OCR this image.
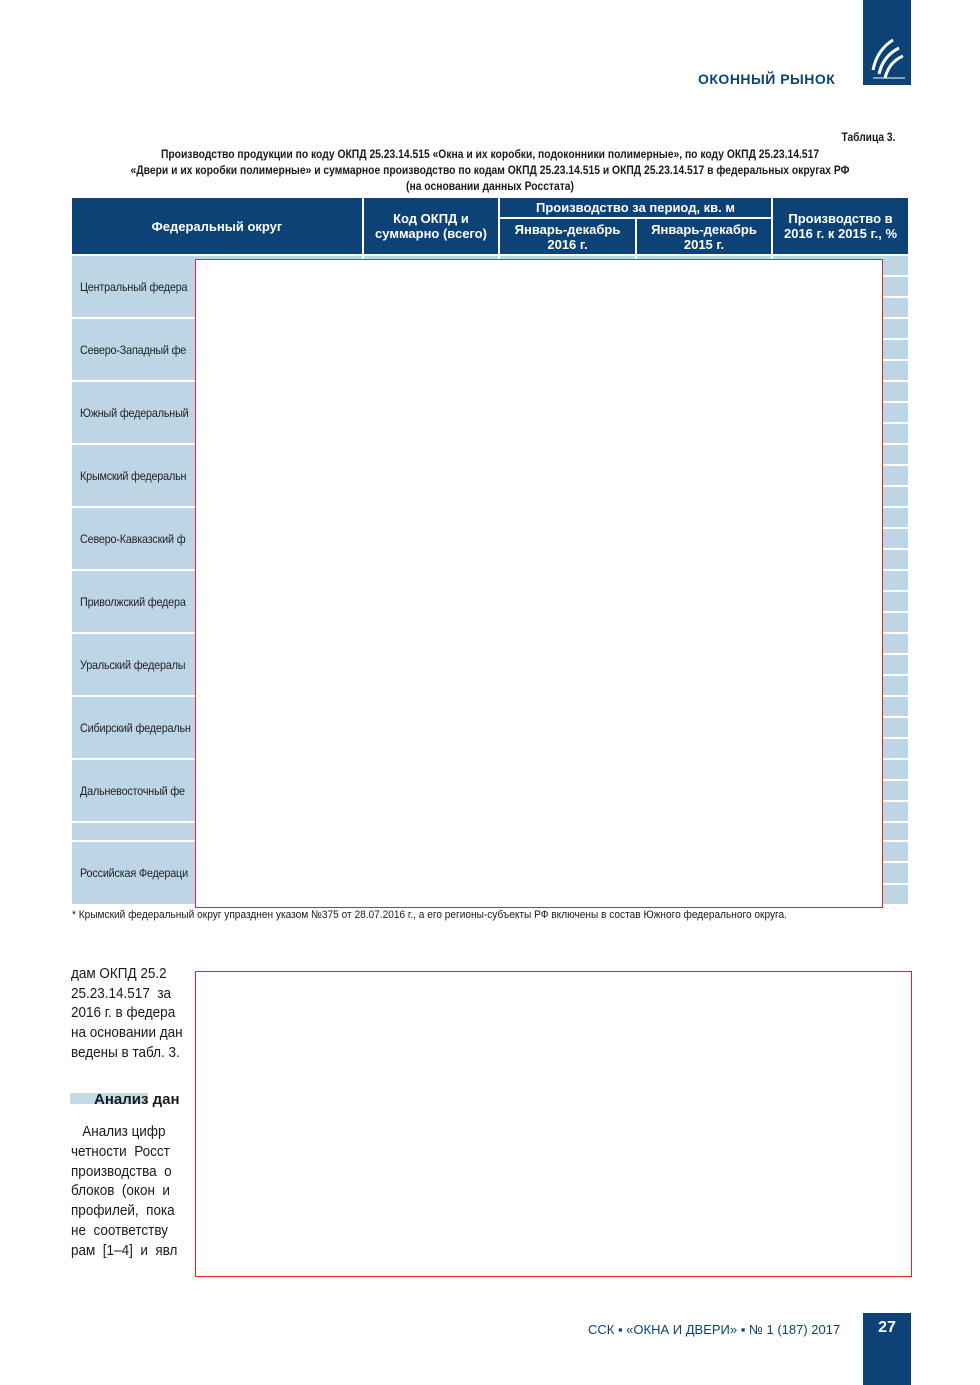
ОКОННЫЙ РЫНОК
Таблица 3.
Производство продукции по коду ОКПД 25.23.14.515 «Окна и их коробки, подоконники полимерные», по коду ОКПД 25.23.14.517
«Двери и их коробки полимерные» и суммарное производство по кодам ОКПД 25.23.14.515 и ОКПД 25.23.14.517 в федеральных округах РФ
(на основании данных Росстата)
Федеральный округ	Код ОКПД и суммарно (всего)
Производство за период, кв. м
Январь-декабрь 2016 г.
Январь-декабрь 2015 г.
Производство в 2016 г. к 2015 г., %
Центральный федера
Северо-Западный фе
Южный федеральный
Крымский федеральн
Северо-Кавказский ф
Приволжский федера
Уральский федералы
Сибирский федеральн
Дальневосточный фе
Российская Федераци
* Крымский федеральный округ упразднен указом №375 от 28.07.2016 г., а его регионы-субъекты РФ включены в состав Южного федерального округа.
дам ОКПД 25.2
25.23.14.517  за
2016 г. в федера
на основании дан
ведены в табл. 3.
Анализ дан
Анализ цифр
четности  Росст
производства  о
блоков  (окон  и
профилей,  пока
не  соответству
рам  [1–4]  и  явл
ССК ▪ «ОКНА И ДВЕРИ» ▪ № 1 (187) 2017	27
